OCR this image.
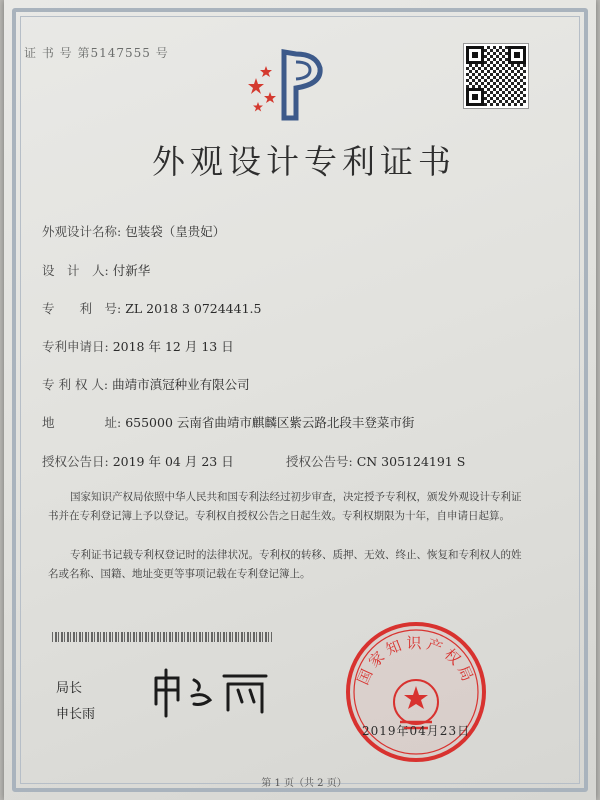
证 书 号 第5147555 号
外观设计专利证书
外观设计名称: 包装袋（皇贵妃）
设　计　人: 付新华
专　　利　号: ZL 2018 3 0724441.5
专利申请日: 2018 年 12 月 13 日
专 利 权 人: 曲靖市滇冠种业有限公司
地　　　　址: 655000 云南省曲靖市麒麟区紫云路北段丰登菜市街
授权公告日: 2019 年 04 月 23 日	授权公告号: CN 305124191 S
国家知识产权局依照中华人民共和国专利法经过初步审查，决定授予专利权，颁发外观设计专利证书并在专利登记簿上予以登记。专利权自授权公告之日起生效。专利权期限为十年，自申请日起算。
专利证书记载专利权登记时的法律状况。专利权的转移、质押、无效、终止、恢复和专利权人的姓名或名称、国籍、地址变更等事项记载在专利登记簿上。
局长
申长雨
国家知识产权局
2019年04月23日
第 1 页（共 2 页）
